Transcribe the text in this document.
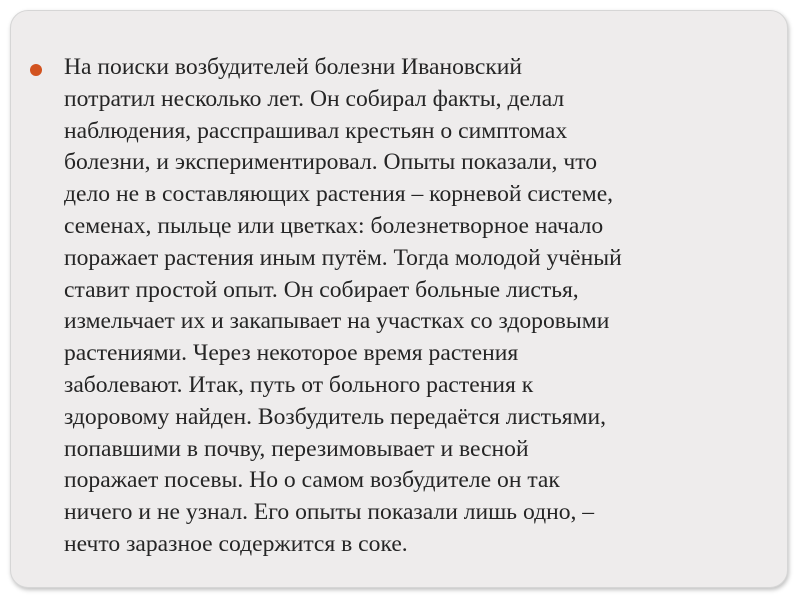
На поиски возбудителей болезни Ивановский
потратил несколько лет. Он собирал факты, делал
наблюдения, расспрашивал крестьян о симптомах
болезни, и экспериментировал. Опыты показали, что
дело не в составляющих растения – корневой системе,
семенах, пыльце или цветках: болезнетворное начало
поражает растения иным путём. Тогда молодой учёный
ставит простой опыт. Он собирает больные листья,
измельчает их и закапывает на участках со здоровыми
растениями. Через некоторое время растения
заболевают. Итак, путь от больного растения к
здоровому найден. Возбудитель передаётся листьями,
попавшими в почву, перезимовывает и весной
поражает посевы. Но о самом возбудителе он так
ничего и не узнал. Его опыты показали лишь одно, –
нечто заразное содержится в соке.
